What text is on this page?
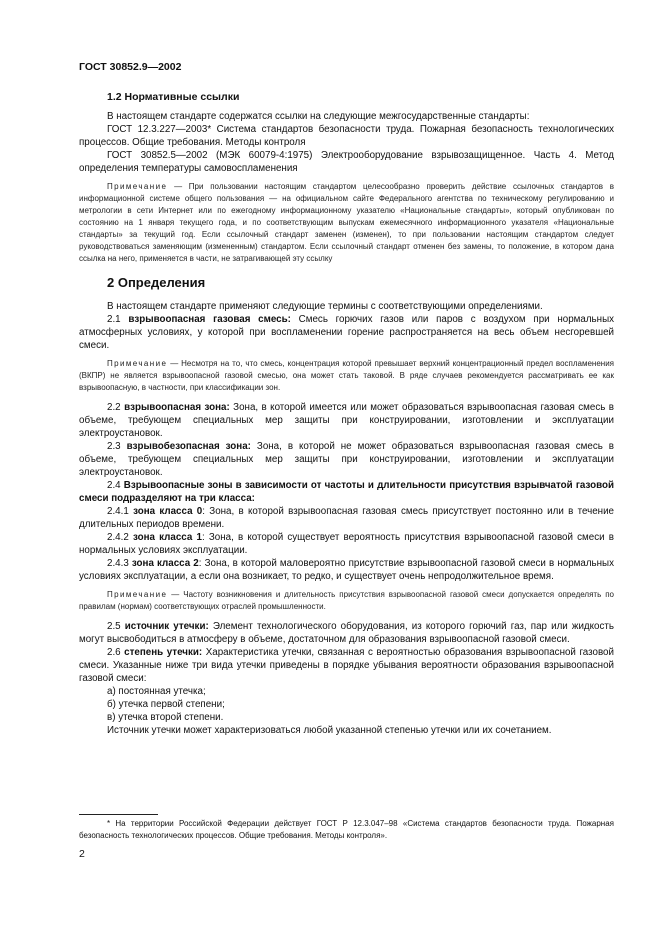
ГОСТ 30852.9—2002
1.2 Нормативные ссылки

В настоящем стандарте содержатся ссылки на следующие межгосударственные стандарты:

ГОСТ 12.3.227—2003* Система стандартов безопасности труда. Пожарная безопасность технологических процессов. Общие требования. Методы контроля

ГОСТ 30852.5—2002 (МЭК 60079-4:1975) Электрооборудование взрывозащищенное. Часть 4. Метод определения температуры самовоспламенения

Примечание — При пользовании настоящим стандартом целесообразно проверить действие ссылочных стандартов в информационной системе общего пользования — на официальном сайте Федерального агентства по техническому регулированию и метрологии в сети Интернет или по ежегодному информационному указателю «Национальные стандарты», который опубликован по состоянию на 1 января текущего года, и по соответствующим выпускам ежемесячного информационного указателя «Национальные стандарты» за текущий год. Если ссылочный стандарт заменен (изменен), то при пользовании настоящим стандартом следует руководствоваться заменяющим (измененным) стандартом. Если ссылочный стандарт отменен без замены, то положение, в котором дана ссылка на него, применяется в части, не затрагивающей эту ссылку

2 Определения

В настоящем стандарте применяют следующие термины с соответствующими определениями.

2.1 взрывоопасная газовая смесь: Смесь горючих газов или паров с воздухом при нормальных атмосферных условиях, у которой при воспламенении горение распространяется на весь объем несгоревшей смеси.

Примечание — Несмотря на то, что смесь, концентрация которой превышает верхний концентрационный предел воспламенения (ВКПР) не является взрывоопасной газовой смесью, она может стать таковой. В ряде случаев рекомендуется рассматривать ее как взрывоопасную, в частности, при классификации зон.

2.2 взрывоопасная зона: Зона, в которой имеется или может образоваться взрывоопасная газовая смесь в объеме, требующем специальных мер защиты при конструировании, изготовлении и эксплуатации электроустановок.

2.3 взрывобезопасная зона: Зона, в которой не может образоваться взрывоопасная газовая смесь в объеме, требующем специальных мер защиты при конструировании, изготовлении и эксплуатации электроустановок.

2.4 Взрывоопасные зоны в зависимости от частоты и длительности присутствия взрывчатой газовой смеси подразделяют на три класса:

2.4.1 зона класса 0: Зона, в которой взрывоопасная газовая смесь присутствует постоянно или в течение длительных периодов времени.

2.4.2 зона класса 1: Зона, в которой существует вероятность присутствия взрывоопасной газовой смеси в нормальных условиях эксплуатации.

2.4.3 зона класса 2: Зона, в которой маловероятно присутствие взрывоопасной газовой смеси в нормальных условиях эксплуатации, а если она возникает, то редко, и существует очень непродолжительное время.

Примечание — Частоту возникновения и длительность присутствия взрывоопасной газовой смеси допускается определять по правилам (нормам) соответствующих отраслей промышленности.

2.5 источник утечки: Элемент технологического оборудования, из которого горючий газ, пар или жидкость могут высвободиться в атмосферу в объеме, достаточном для образования взрывоопасной газовой смеси.

2.6 степень утечки: Характеристика утечки, связанная с вероятностью образования взрывоопасной газовой смеси. Указанные ниже три вида утечки приведены в порядке убывания вероятности образования взрывоопасной газовой смеси:

а) постоянная утечка;

б) утечка первой степени;

в) утечка второй степени.

Источник утечки может характеризоваться любой указанной степенью утечки или их сочетанием.

* На территории Российской Федерации действует ГОСТ Р 12.3.047–98 «Система стандартов безопасности труда. Пожарная безопасность технологических процессов. Общие требования. Методы контроля».

2
